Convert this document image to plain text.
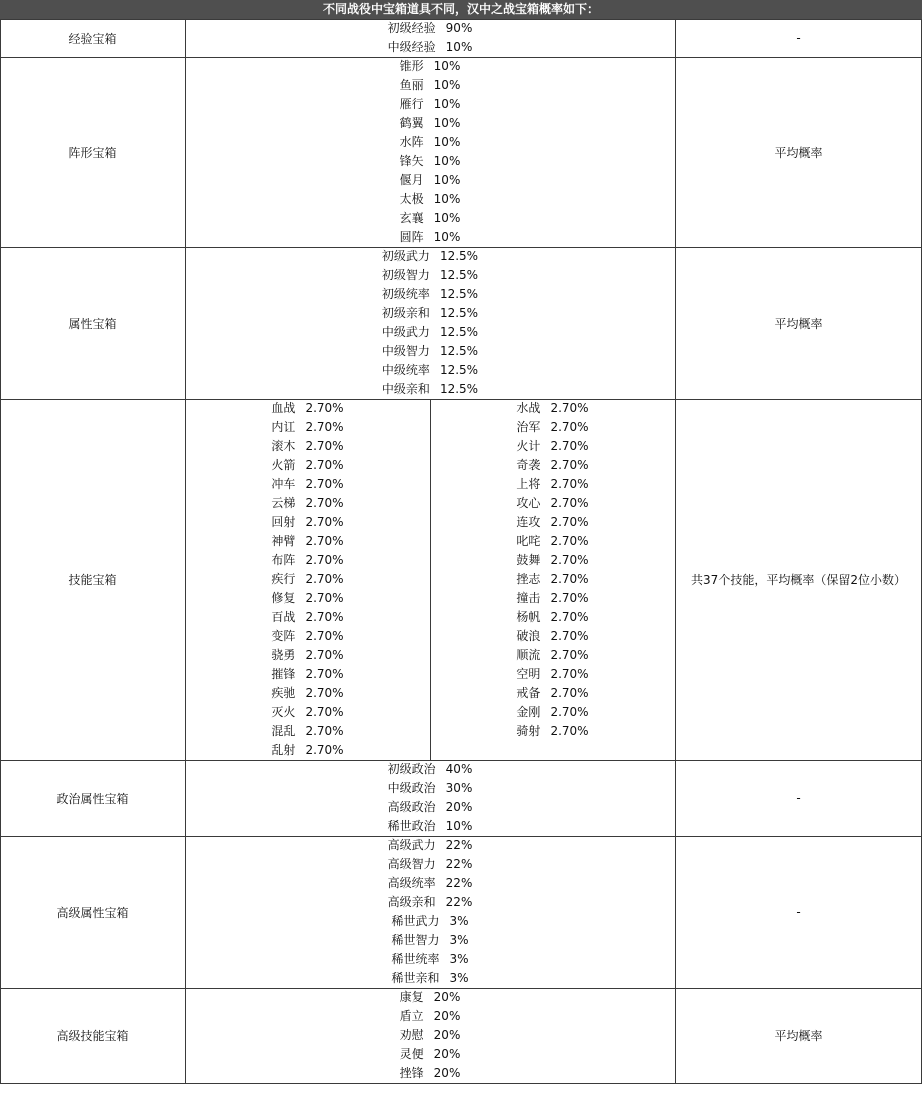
不同战役中宝箱道具不同，汉中之战宝箱概率如下：
经验宝箱
初级经验 90%
中级经验 10%
-
阵形宝箱
锥形 10%
鱼丽 10%
雁行 10%
鹤翼 10%
水阵 10%
锋矢 10%
偃月 10%
太极 10%
玄襄 10%
圆阵 10%
平均概率
属性宝箱
初级武力 12.5%
初级智力 12.5%
初级统率 12.5%
初级亲和 12.5%
中级武力 12.5%
中级智力 12.5%
中级统率 12.5%
中级亲和 12.5%
平均概率
技能宝箱
血战 2.70%
内讧 2.70%
滚木 2.70%
火箭 2.70%
冲车 2.70%
云梯 2.70%
回射 2.70%
神臂 2.70%
布阵 2.70%
疾行 2.70%
修复 2.70%
百战 2.70%
变阵 2.70%
骁勇 2.70%
摧锋 2.70%
疾驰 2.70%
灭火 2.70%
混乱 2.70%
乱射 2.70%
水战 2.70%
治军 2.70%
火计 2.70%
奇袭 2.70%
上将 2.70%
攻心 2.70%
连攻 2.70%
叱咤 2.70%
鼓舞 2.70%
挫志 2.70%
撞击 2.70%
杨帆 2.70%
破浪 2.70%
顺流 2.70%
空明 2.70%
戒备 2.70%
金刚 2.70%
骑射 2.70%
共37个技能，平均概率（保留2位小数）
政治属性宝箱
初级政治 40%
中级政治 30%
高级政治 20%
稀世政治 10%
-
高级属性宝箱
高级武力 22%
高级智力 22%
高级统率 22%
高级亲和 22%
稀世武力 3%
稀世智力 3%
稀世统率 3%
稀世亲和 3%
-
高级技能宝箱
康复 20%
盾立 20%
劝慰 20%
灵便 20%
挫锋 20%
平均概率
